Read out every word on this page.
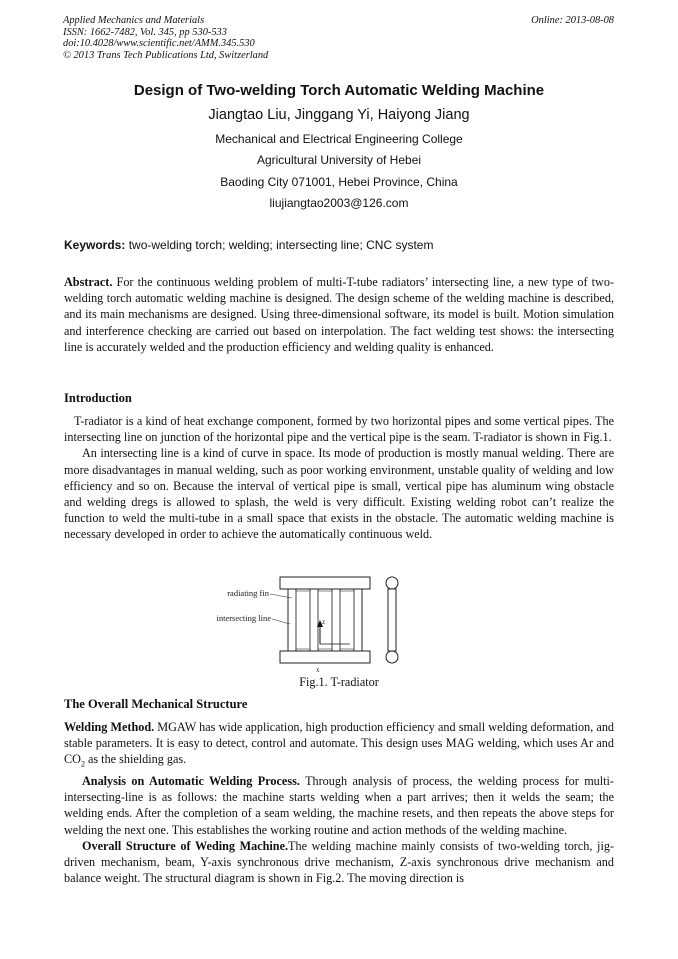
Applied Mechanics and Materials
ISSN: 1662-7482, Vol. 345, pp 530-533
doi:10.4028/www.scientific.net/AMM.345.530
© 2013 Trans Tech Publications Ltd, Switzerland
Online: 2013-08-08
Design of Two-welding Torch Automatic Welding Machine
Jiangtao Liu, Jinggang Yi, Haiyong Jiang
Mechanical and Electrical Engineering College
Agricultural University of Hebei
Baoding City 071001, Hebei Province, China
liujiangtao2003@126.com
Keywords: two-welding torch; welding; intersecting line; CNC system
Abstract. For the continuous welding problem of multi-T-tube radiators’ intersecting line, a new type of two-welding torch automatic welding machine is designed. The design scheme of the welding machine is described, and its main mechanisms are designed. Using three-dimensional software, its model is built. Motion simulation and interference checking are carried out based on interpolation. The fact welding test shows: the intersecting line is accurately welded and the production efficiency and welding quality is enhanced.
Introduction
T-radiator is a kind of heat exchange component, formed by two horizontal pipes and some vertical pipes. The intersecting line on junction of the horizontal pipe and the vertical pipe is the seam. T-radiator is shown in Fig.1.
An intersecting line is a kind of curve in space. Its mode of production is mostly manual welding. There are more disadvantages in manual welding, such as poor working environment, unstable quality of welding and low efficiency and so on. Because the interval of vertical pipe is small, vertical pipe has aluminum wing obstacle and welding dregs is allowed to splash, the weld is very difficult. Existing welding robot can’t realize the function to weld the multi-tube in a small space that exists in the obstacle. The automatic welding machine is necessary developed in order to achieve the automatically continuous weld.
radiating fin
intersecting line	z
x
Fig.1. T-radiator
The Overall Mechanical Structure
Welding Method. MGAW has wide application, high production efficiency and small welding deformation, and stable parameters. It is easy to detect, control and automate. This design uses MAG welding, which uses Ar and $CO_2$ as the shielding gas.
Analysis on Automatic Welding Process. Through analysis of process, the welding process for multi-intersecting-line is as follows: the machine starts welding when a part arrives; then it welds the seam; the welding ends. After the completion of a seam welding, the machine resets, and then repeats the above steps for welding the next one. This establishes the working routine and action methods of the welding machine.
Overall Structure of Weding Machine.The welding machine mainly consists of two-welding torch, jig-driven mechanism, beam, Y-axis synchronous drive mechanism, Z-axis synchronous drive mechanism and balance weight. The structural diagram is shown in Fig.2. The moving direction is
